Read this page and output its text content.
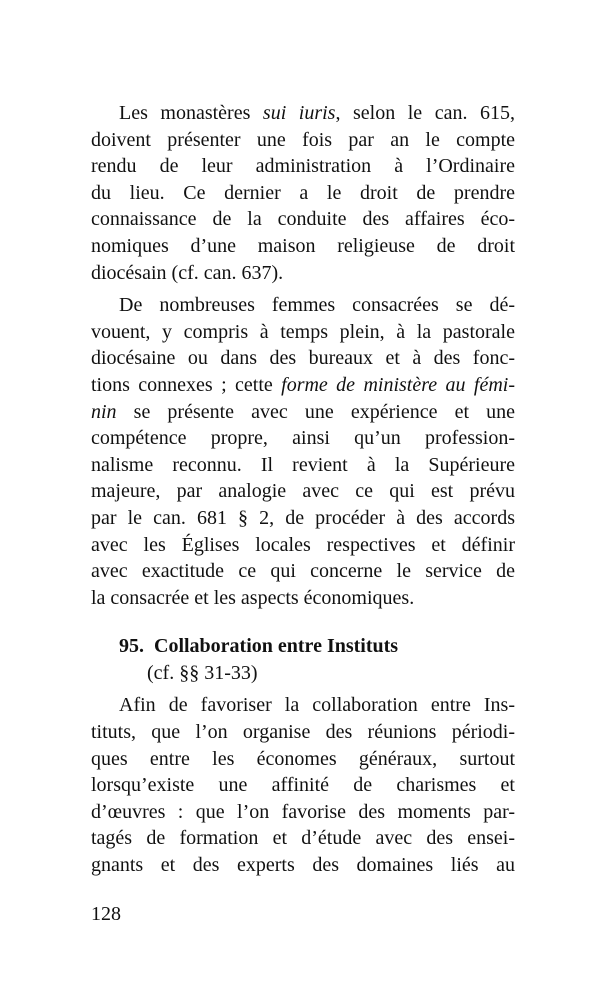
Les monastères sui iuris, selon le can. 615,
doivent présenter une fois par an le compte
rendu de leur administration à l’Ordinaire
du lieu. Ce dernier a le droit de prendre
connaissance de la conduite des affaires éco-
nomiques d’une maison religieuse de droit
diocésain (cf. can. 637).
De nombreuses femmes consacrées se dé-
vouent, y compris à temps plein, à la pastorale
diocésaine ou dans des bureaux et à des fonc-
tions connexes ; cette forme de ministère au fémi-
nin se présente avec une expérience et une
compétence propre, ainsi qu’un profession-
nalisme reconnu. Il revient à la Supérieure
majeure, par analogie avec ce qui est prévu
par le can. 681 § 2, de procéder à des accords
avec les Églises locales respectives et définir
avec exactitude ce qui concerne le service de
la consacrée et les aspects économiques.
95. Collaboration entre Instituts
(cf. §§ 31-33)
Afin de favoriser la collaboration entre Ins-
tituts, que l’on organise des réunions périodi-
ques entre les économes généraux, surtout
lorsqu’existe une affinité de charismes et
d’œuvres : que l’on favorise des moments par-
tagés de formation et d’étude avec des ensei-
gnants et des experts des domaines liés au
128
